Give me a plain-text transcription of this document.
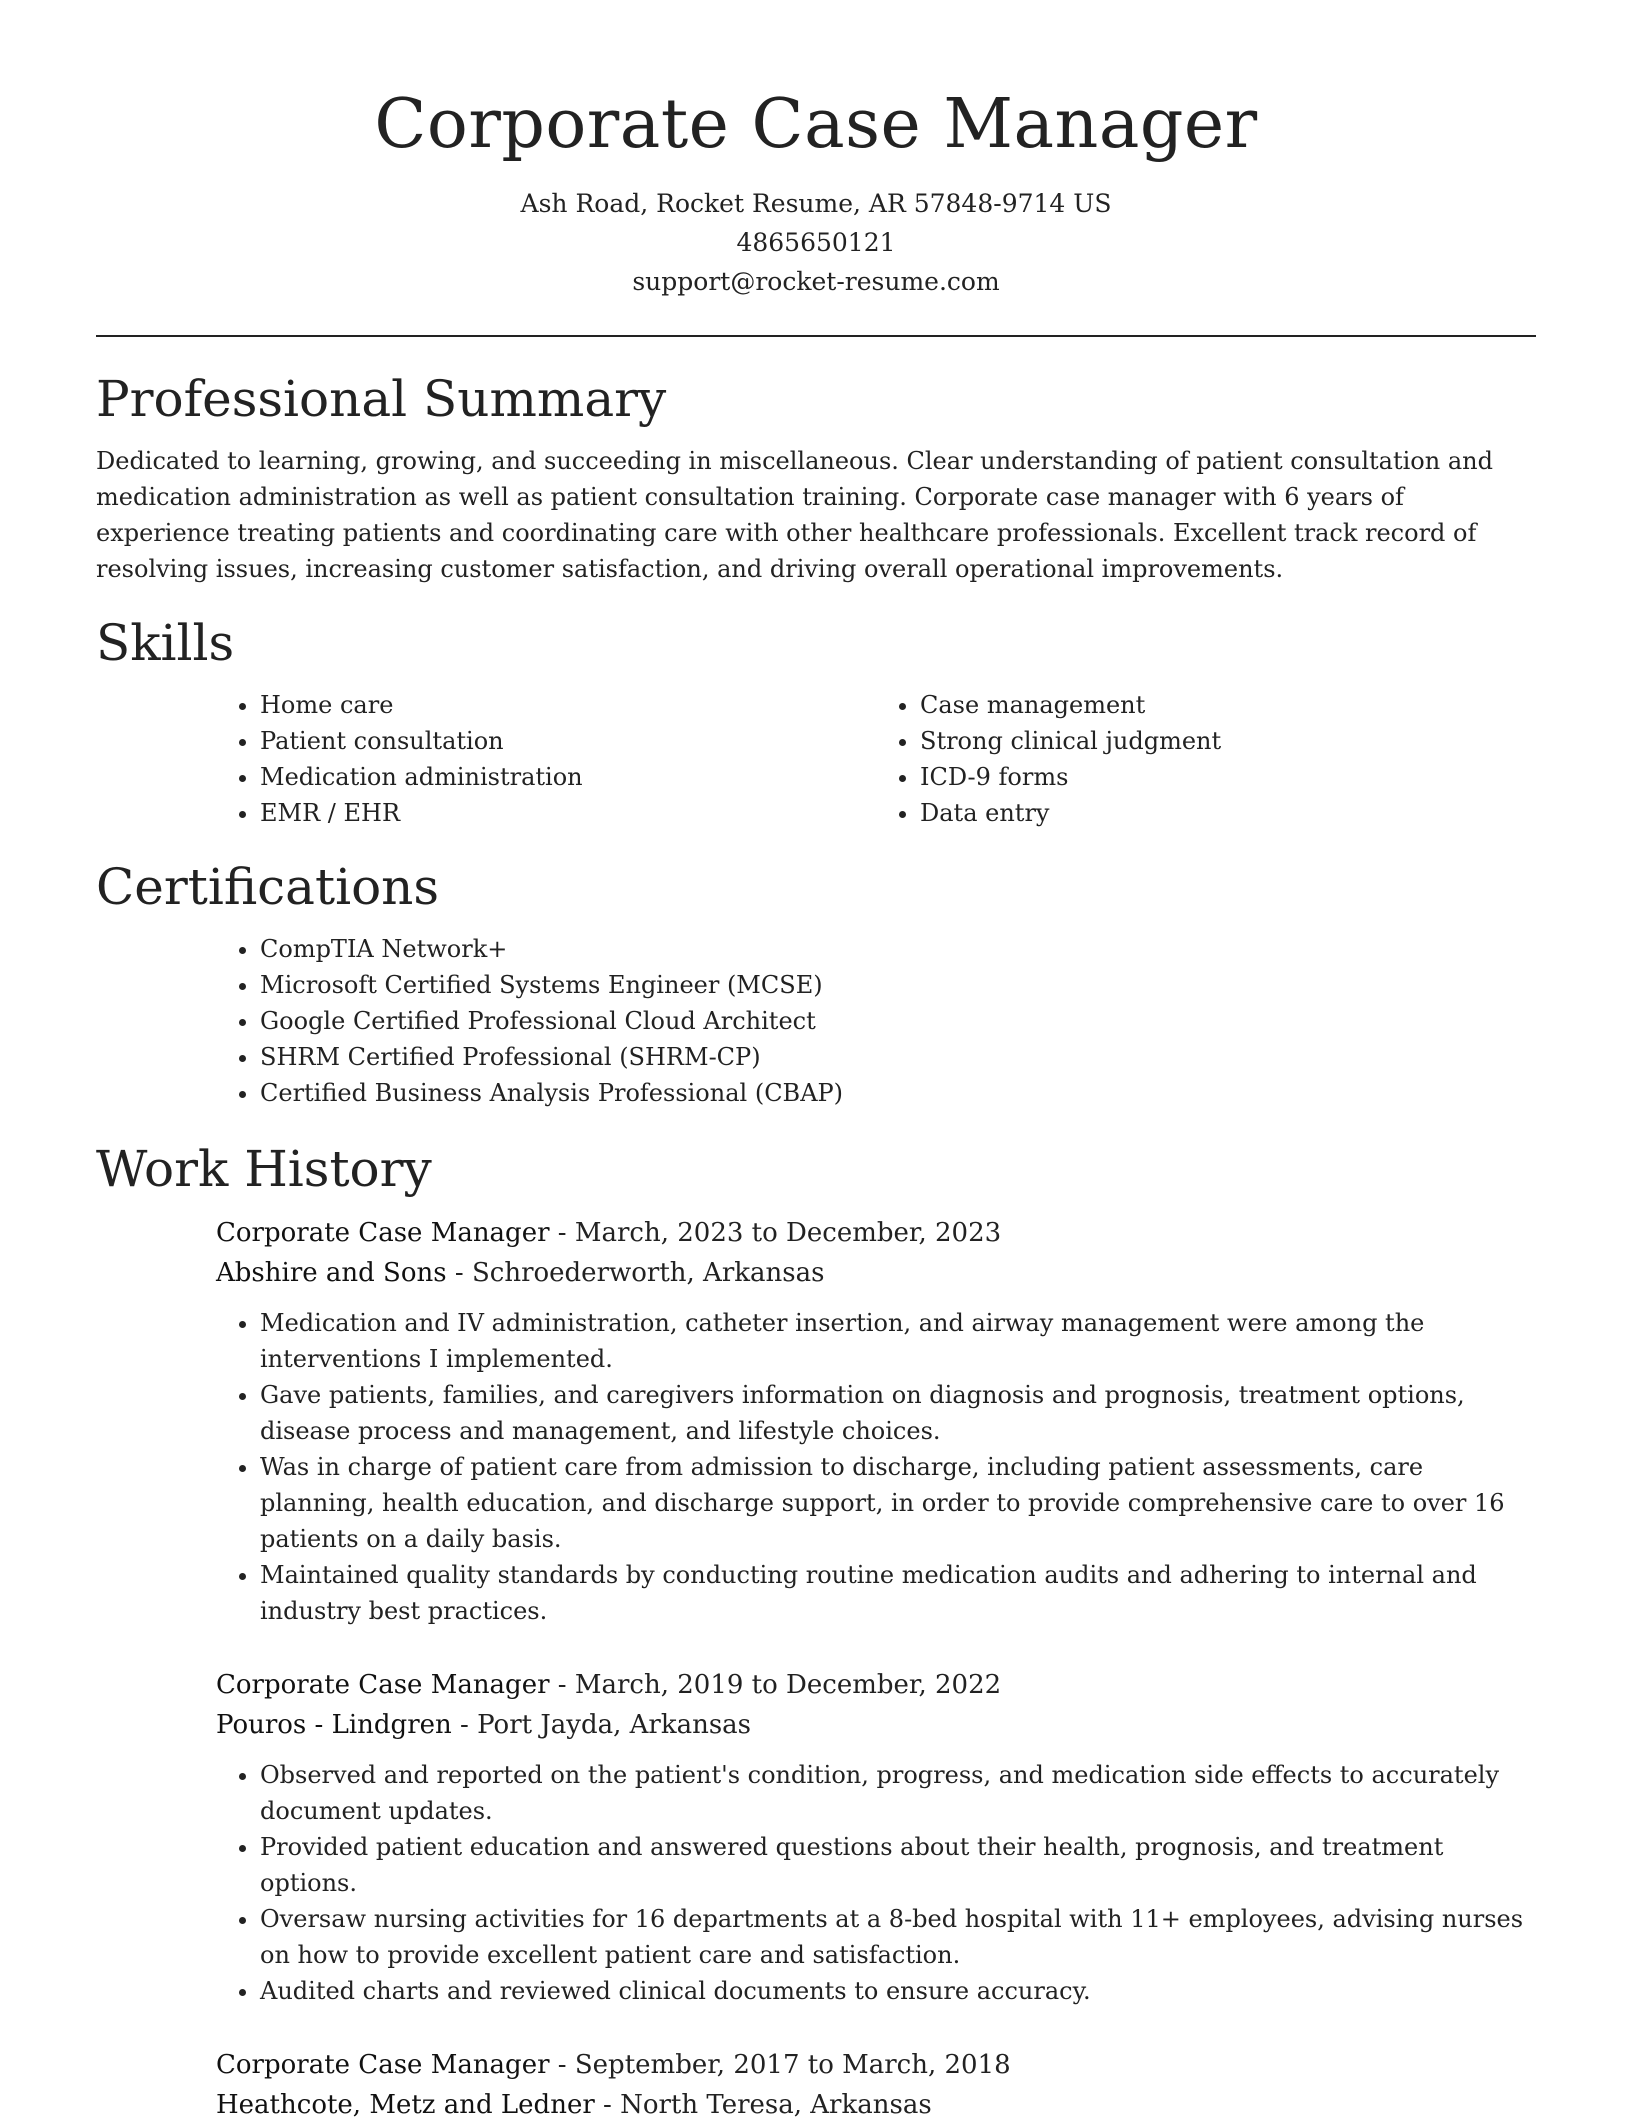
Corporate Case Manager
Ash Road, Rocket Resume, AR 57848-9714 US
4865650121
support@rocket-resume.com
Professional Summary

Dedicated to learning, growing, and succeeding in miscellaneous. Clear understanding of patient consultation and medication administration as well as patient consultation training. Corporate case manager with 6 years of experience treating patients and coordinating care with other healthcare professionals. Excellent track record of resolving issues, increasing customer satisfaction, and driving overall operational improvements.

Skills
• Home care
• Patient consultation
• Medication administration
• EMR / EHR
• Case management
• Strong clinical judgment
• ICD-9 forms
• Data entry
Certifications
• CompTIA Network+
• Microsoft Certified Systems Engineer (MCSE)
• Google Certified Professional Cloud Architect
• SHRM Certified Professional (SHRM-CP)
• Certified Business Analysis Professional (CBAP)
Work History
Corporate Case Manager - March, 2023 to December, 2023
Abshire and Sons - Schroederworth, Arkansas
• Medication and IV administration, catheter insertion, and airway management were among the interventions I implemented.
• Gave patients, families, and caregivers information on diagnosis and prognosis, treatment options, disease process and management, and lifestyle choices.
• Was in charge of patient care from admission to discharge, including patient assessments, care planning, health education, and discharge support, in order to provide comprehensive care to over 16 patients on a daily basis.
• Maintained quality standards by conducting routine medication audits and adhering to internal and industry best practices.
Corporate Case Manager - March, 2019 to December, 2022
Pouros - Lindgren - Port Jayda, Arkansas
• Observed and reported on the patient's condition, progress, and medication side effects to accurately document updates.
• Provided patient education and answered questions about their health, prognosis, and treatment options.
• Oversaw nursing activities for 16 departments at a 8-bed hospital with 11+ employees, advising nurses on how to provide excellent patient care and satisfaction.
• Audited charts and reviewed clinical documents to ensure accuracy.
Corporate Case Manager - September, 2017 to March, 2018
Heathcote, Metz and Ledner - North Teresa, Arkansas
